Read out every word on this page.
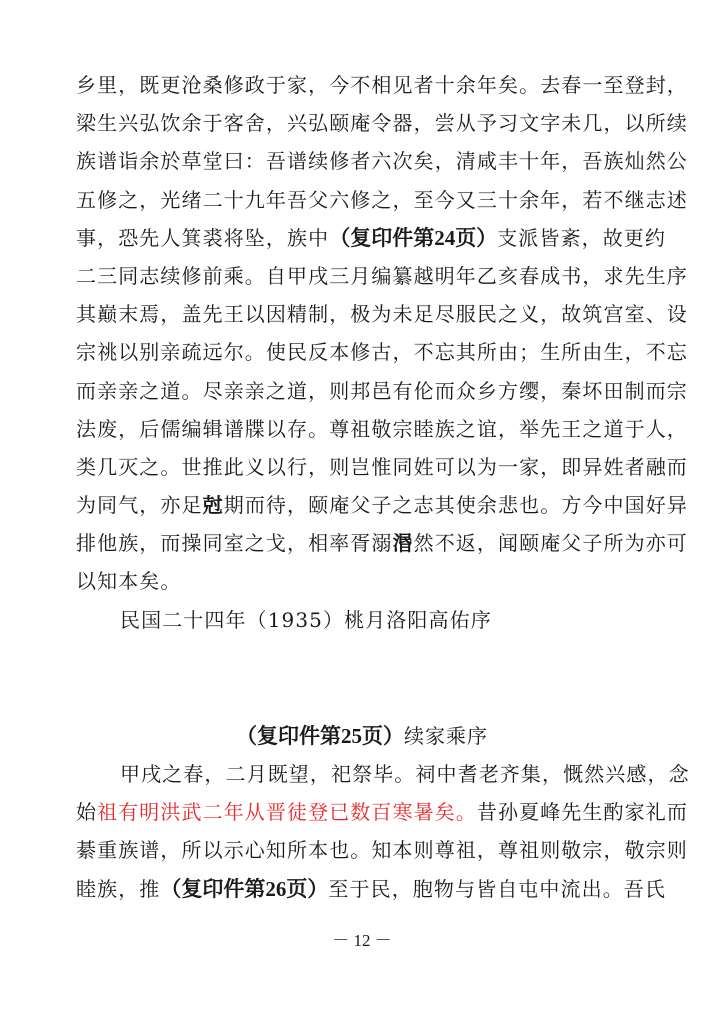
乡里，既更沧桑修政于家，今不相见者十余年矣。去春一至登封，
梁生兴弘饮余于客舍，兴弘颐庵令器，尝从予习文字未几，以所续
族谱诣余於草堂曰：吾谱续修者六次矣，清咸丰十年，吾族灿然公
五修之，光绪二十九年吾父六修之，至今又三十余年，若不继志述
事，恐先人箕裘将坠，族中（复印件第24页）支派皆紊，故更约
二三同志续修前乘。自甲戌三月编纂越明年乙亥春成书，求先生序
其巅末焉，盖先王以因精制，极为未足尽服民之义，故筑宫室、设
宗祧以别亲疏远尔。使民反本修古，不忘其所由；生所由生，不忘
而亲亲之道。尽亲亲之道，则邦邑有伦而众乡方缨，秦坏田制而宗
法废，后儒编辑谱牒以存。尊祖敬宗睦族之谊，举先王之道于人，
类几灭之。世推此义以行，则岂惟同姓可以为一家，即异姓者融而
为同气，亦足尅期而待，颐庵父子之志其使余悲也。方今中国好异
排他族，而操同室之戈，相率胥溺湣然不返，闻颐庵父子所为亦可
以知本矣。
民国二十四年（1935）桃月洛阳高佑序
（复印件第25页）续家乘序
甲戌之春，二月既望，祀祭毕。祠中耆老齐集，慨然兴感，念
始祖有明洪武二年从晋徒登已数百寒暑矣。昔孙夏峰先生酌家礼而
綦重族谱，所以示心知所本也。知本则尊祖，尊祖则敬宗，敬宗则
睦族，推（复印件第26页）至于民，胞物与皆自屯中流出。吾氏
－ 12 －
